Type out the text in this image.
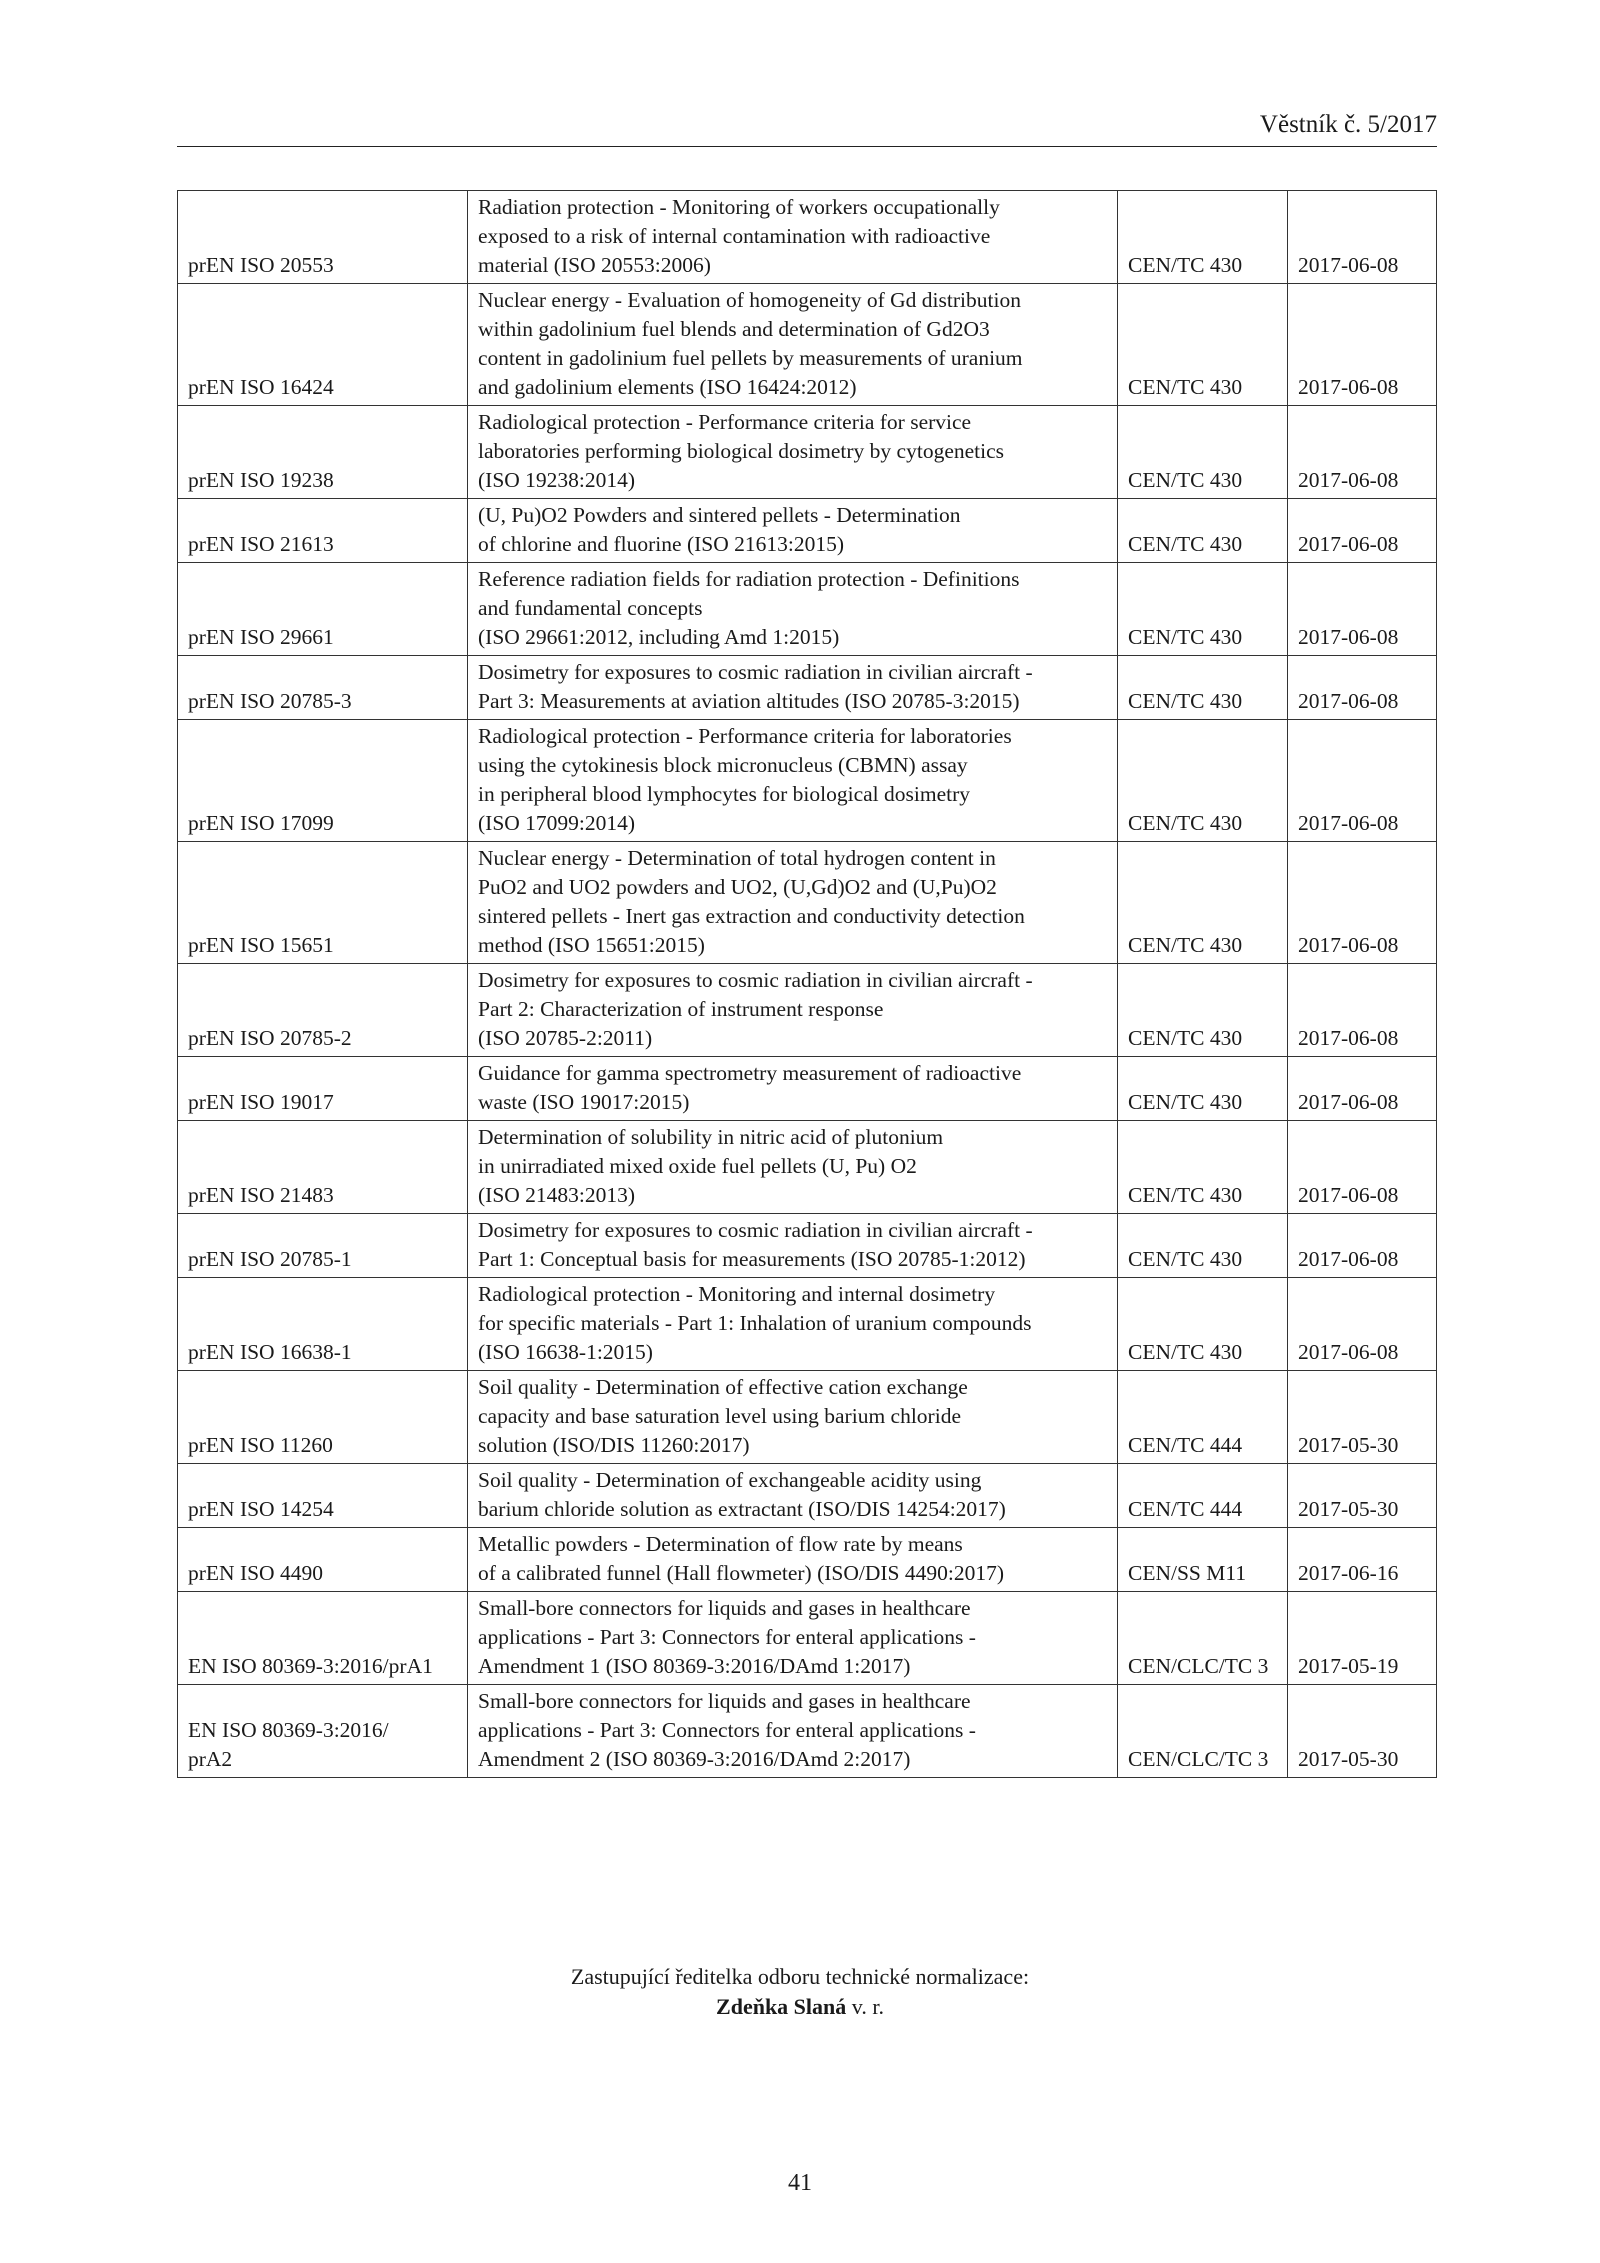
Věstník č. 5/2017
prEN ISO 20553	Radiation protection - Monitoring of workers occupationally
exposed to a risk of internal contamination with radioactive
material (ISO 20553:2006)	CEN/TC 430	2017-06-08
prEN ISO 16424	Nuclear energy - Evaluation of homogeneity of Gd distribution
within gadolinium fuel blends and determination of Gd2O3
content in gadolinium fuel pellets by measurements of uranium
and gadolinium elements (ISO 16424:2012)	CEN/TC 430	2017-06-08
prEN ISO 19238	Radiological protection - Performance criteria for service
laboratories performing biological dosimetry by cytogenetics
(ISO 19238:2014)	CEN/TC 430	2017-06-08
prEN ISO 21613	(U, Pu)O2 Powders and sintered pellets - Determination
of chlorine and fluorine (ISO 21613:2015)	CEN/TC 430	2017-06-08
prEN ISO 29661	Reference radiation fields for radiation protection - Definitions
and fundamental concepts
(ISO 29661:2012, including Amd 1:2015)	CEN/TC 430	2017-06-08
prEN ISO 20785-3	Dosimetry for exposures to cosmic radiation in civilian aircraft -
Part 3: Measurements at aviation altitudes (ISO 20785-3:2015)	CEN/TC 430	2017-06-08
prEN ISO 17099	Radiological protection - Performance criteria for laboratories
using the cytokinesis block micronucleus (CBMN) assay
in peripheral blood lymphocytes for biological dosimetry
(ISO 17099:2014)	CEN/TC 430	2017-06-08
prEN ISO 15651	Nuclear energy - Determination of total hydrogen content in
PuO2 and UO2 powders and UO2, (U,Gd)O2 and (U,Pu)O2
sintered pellets - Inert gas extraction and conductivity detection
method (ISO 15651:2015)	CEN/TC 430	2017-06-08
prEN ISO 20785-2	Dosimetry for exposures to cosmic radiation in civilian aircraft -
Part 2: Characterization of instrument response
(ISO 20785-2:2011)	CEN/TC 430	2017-06-08
prEN ISO 19017	Guidance for gamma spectrometry measurement of radioactive
waste (ISO 19017:2015)	CEN/TC 430	2017-06-08
prEN ISO 21483	Determination of solubility in nitric acid of plutonium
in unirradiated mixed oxide fuel pellets (U, Pu) O2
(ISO 21483:2013)	CEN/TC 430	2017-06-08
prEN ISO 20785-1	Dosimetry for exposures to cosmic radiation in civilian aircraft -
Part 1: Conceptual basis for measurements (ISO 20785-1:2012)	CEN/TC 430	2017-06-08
prEN ISO 16638-1	Radiological protection - Monitoring and internal dosimetry
for specific materials - Part 1: Inhalation of uranium compounds
(ISO 16638-1:2015)	CEN/TC 430	2017-06-08
prEN ISO 11260	Soil quality - Determination of effective cation exchange
capacity and base saturation level using barium chloride
solution (ISO/DIS 11260:2017)	CEN/TC 444	2017-05-30
prEN ISO 14254	Soil quality - Determination of exchangeable acidity using
barium chloride solution as extractant (ISO/DIS 14254:2017)	CEN/TC 444	2017-05-30
prEN ISO 4490	Metallic powders - Determination of flow rate by means
of a calibrated funnel (Hall flowmeter) (ISO/DIS 4490:2017)	CEN/SS M11	2017-06-16
EN ISO 80369-3:2016/prA1	Small-bore connectors for liquids and gases in healthcare
applications - Part 3: Connectors for enteral applications -
Amendment 1 (ISO 80369-3:2016/DAmd 1:2017)	CEN/CLC/TC 3	2017-05-19
EN ISO 80369-3:2016/
prA2	Small-bore connectors for liquids and gases in healthcare
applications - Part 3: Connectors for enteral applications -
Amendment 2 (ISO 80369-3:2016/DAmd 2:2017)	CEN/CLC/TC 3	2017-05-30
Zastupující ředitelka odboru technické normalizace:
Zdeňka Slaná v. r.
41
